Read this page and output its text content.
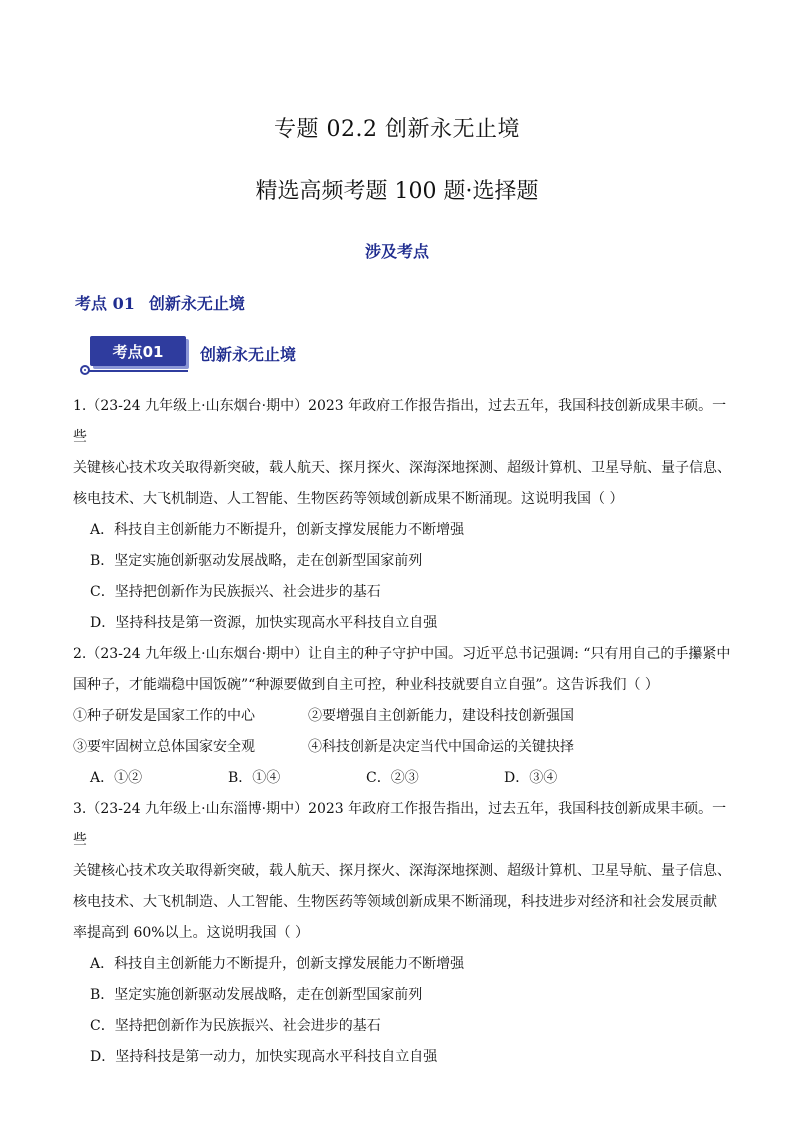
专题 02.2 创新永无止境
精选高频考题 100 题·选择题
涉及考点
考点 01 创新永无止境
考点01	创新永无止境

1.（23-24 九年级上·山东烟台·期中）2023 年政府工作报告指出，过去五年，我国科技创新成果丰硕。一些

关键核心技术攻关取得新突破，载人航天、探月探火、深海深地探测、超级计算机、卫星导航、量子信息、

核电技术、大飞机制造、人工智能、生物医药等领域创新成果不断涌现。这说明我国（ ）

A．科技自主创新能力不断提升，创新支撑发展能力不断增强

B．坚定实施创新驱动发展战略，走在创新型国家前列

C．坚持把创新作为民族振兴、社会进步的基石

D．坚持科技是第一资源，加快实现高水平科技自立自强

2.（23-24 九年级上·山东烟台·期中）让自主的种子守护中国。习近平总书记强调: “只有用自己的手攥紧中

国种子，才能端稳中国饭碗”“种源要做到自主可控，种业科技就要自立自强”。这告诉我们（ ）

①种子研发是国家工作的中心	②要增强自主创新能力，建设科技创新强国

③要牢固树立总体国家安全观	④科技创新是决定当代中国命运的关键抉择

A．①②	B．①④	C．②③	D．③④

3.（23-24 九年级上·山东淄博·期中）2023 年政府工作报告指出，过去五年，我国科技创新成果丰硕。一些

关键核心技术攻关取得新突破，载人航天、探月探火、深海深地探测、超级计算机、卫星导航、量子信息、

核电技术、大飞机制造、人工智能、生物医药等领域创新成果不断涌现，科技进步对经济和社会发展贡献

率提高到 60%以上。这说明我国（ ）

A．科技自主创新能力不断提升，创新支撑发展能力不断增强

B．坚定实施创新驱动发展战略，走在创新型国家前列

C．坚持把创新作为民族振兴、社会进步的基石

D．坚持科技是第一动力，加快实现高水平科技自立自强
